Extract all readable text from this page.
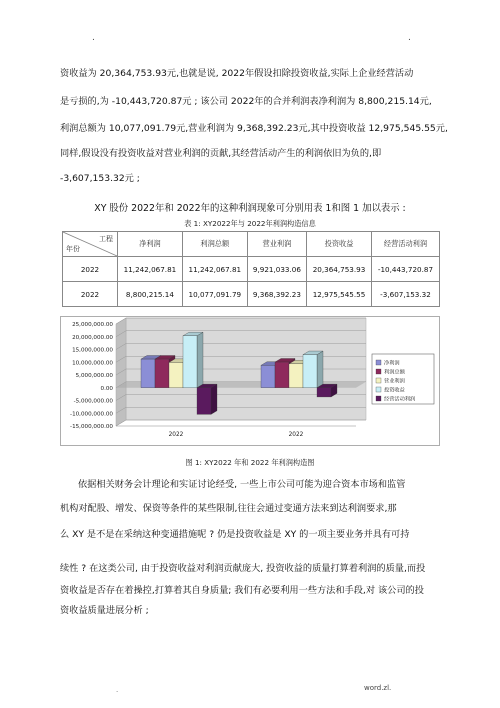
.	.
资收益为 20,364,753.93元,也就是说, 2022年假设扣除投资收益,实际上企业经营活动
是亏损的,为 -10,443,720.87元 ; 该公司 2022年的合并利润表净利润为 8,800,215.14元,
利润总额为 10,077,091.79元,营业利润为 9,368,392.23元,其中投资收益 12,975,545.55元,
同样,假设没有投资收益对营业利润的贡献,其经营活动产生的利润依旧为负的,即
-3,607,153.32元 ;
XY 股份 2022年和 2022年的这种利润现象可分别用表 1和图 1 加以表示 :
表 1: XY2022年与 2022年利润构造信息
工程
年份	净利润	利润总额	营业利润	投资收益	经营活动利润
2022	11,242,067.81	11,242,067.81	9,921,033.06	20,364,753.93	-10,443,720.87
2022	8,800,215.14	10,077,091.79	9,368,392.23	12,975,545.55	-3,607,153.32
25,000,000.00
20,000,000.00
15,000,000.00
10,000,000.00
5,000,000.00
0.00
-5,000,000.00
-10,000,000.00
-15,000,000.00
2022	2022
净利润
利润总额
营业利润
投资收益
经营活动利润
图 1: XY2022 年和 2022 年利润构造图
依据相关财务会计理论和实证讨论经受, 一些上市公司可能为迎合资本市场和监管
机构对配股、增发、保资等条件的某些限制,往往会通过变通方法来到达利润要求,那
么 XY 是不是在采纳这种变通措施呢 ? 仍是投资收益是 XY 的一项主要业务并具有可持
续性 ? 在这类公司, 由于投资收益对利润贡献庞大, 投资收益的质量打算着利润的质量,而投
资收益是否存在着操控,打算着其自身质量; 我们有必要利用一些方法和手段,对 该公司的投
资收益质量进展分析 ;
.	word.zl.
